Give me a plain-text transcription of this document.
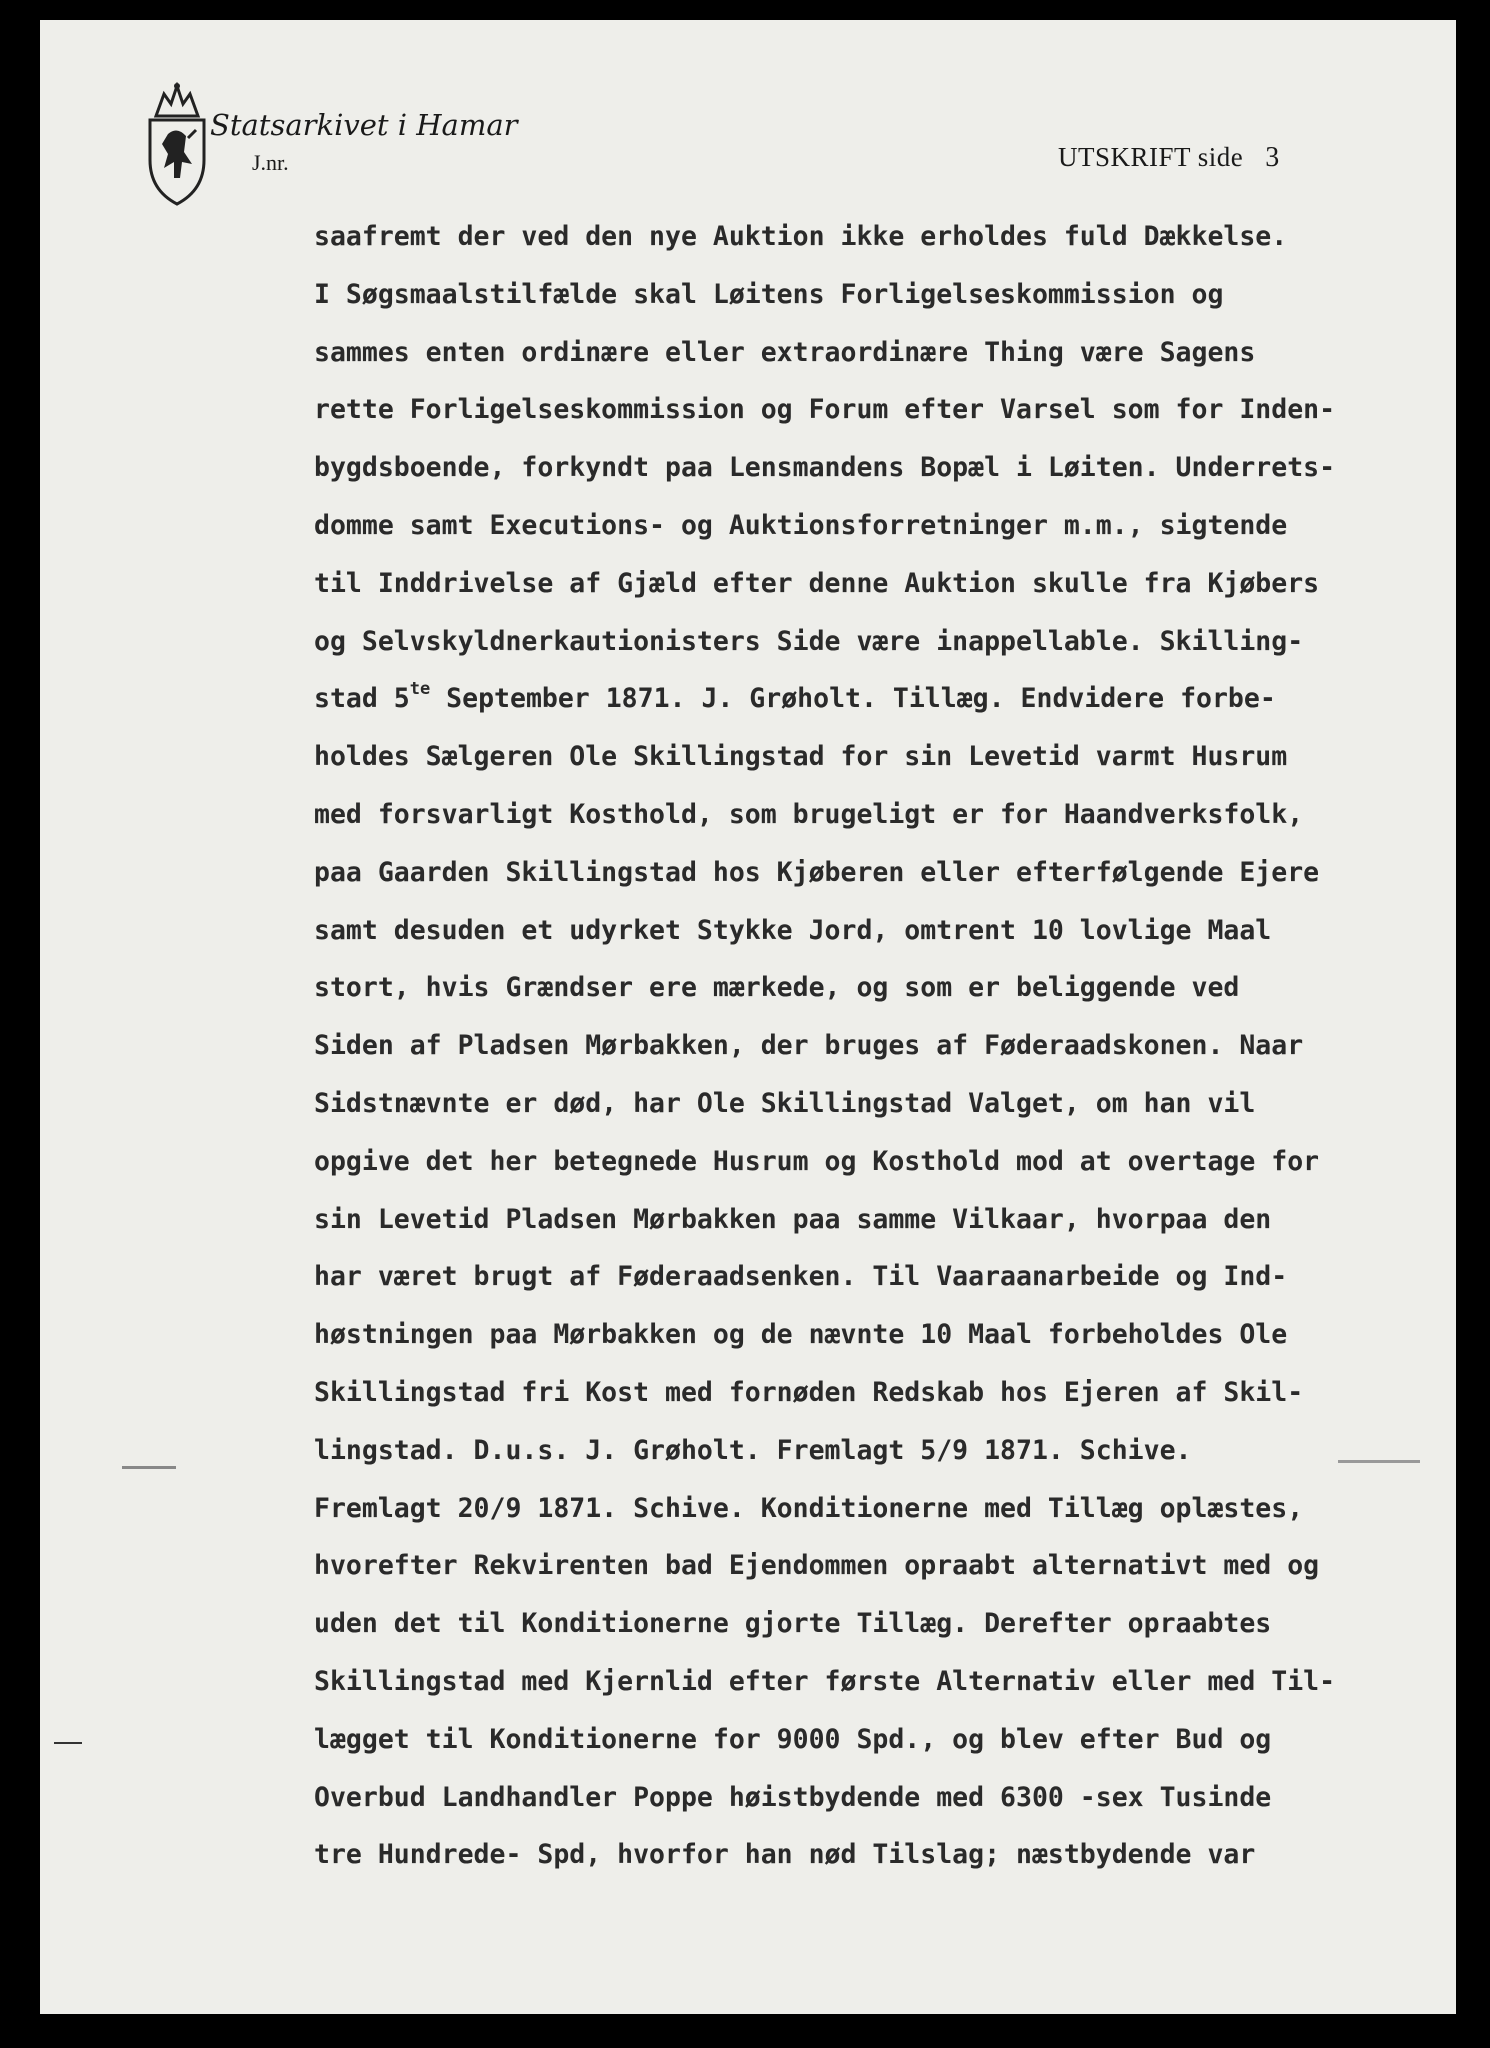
Statsarkivet i Hamar
J.nr.	UTSKRIFT side 3
saafremt der ved den nye Auktion ikke erholdes fuld Dækkelse.
I Søgsmaalstilfælde skal Løitens Forligelseskommission og
sammes enten ordinære eller extraordinære Thing være Sagens
rette Forligelseskommission og Forum efter Varsel som for Inden-
bygdsboende, forkyndt paa Lensmandens Bopæl i Løiten. Underrets-
domme samt Executions- og Auktionsforretninger m.m., sigtende
til Inddrivelse af Gjæld efter denne Auktion skulle fra Kjøbers
og Selvskyldnerkautionisters Side være inappellable. Skilling-
stad $5^{te}$ September 1871. J. Grøholt. Tillæg. Endvidere forbe-
holdes Sælgeren Ole Skillingstad for sin Levetid varmt Husrum
med forsvarligt Kosthold, som brugeligt er for Haandverksfolk,
paa Gaarden Skillingstad hos Kjøberen eller efterfølgende Ejere
samt desuden et udyrket Stykke Jord, omtrent 10 lovlige Maal
stort, hvis Grændser ere mærkede, og som er beliggende ved
Siden af Pladsen Mørbakken, der bruges af Føderaadskonen. Naar
Sidstnævnte er død, har Ole Skillingstad Valget, om han vil
opgive det her betegnede Husrum og Kosthold mod at overtage for
sin Levetid Pladsen Mørbakken paa samme Vilkaar, hvorpaa den
har været brugt af Føderaadsenken. Til Vaaraanarbeide og Ind-
høstningen paa Mørbakken og de nævnte 10 Maal forbeholdes Ole
Skillingstad fri Kost med fornøden Redskab hos Ejeren af Skil-
lingstad. D.u.s. J. Grøholt. Fremlagt 5/9 1871. Schive.
Fremlagt 20/9 1871. Schive. Konditionerne med Tillæg oplæstes,
hvorefter Rekvirenten bad Ejendommen opraabt alternativt med og
uden det til Konditionerne gjorte Tillæg. Derefter opraabtes
Skillingstad med Kjernlid efter første Alternativ eller med Til-
lægget til Konditionerne for 9000 Spd., og blev efter Bud og
Overbud Landhandler Poppe høistbydende med 6300 -sex Tusinde
tre Hundrede- Spd, hvorfor han nød Tilslag; næstbydende var
